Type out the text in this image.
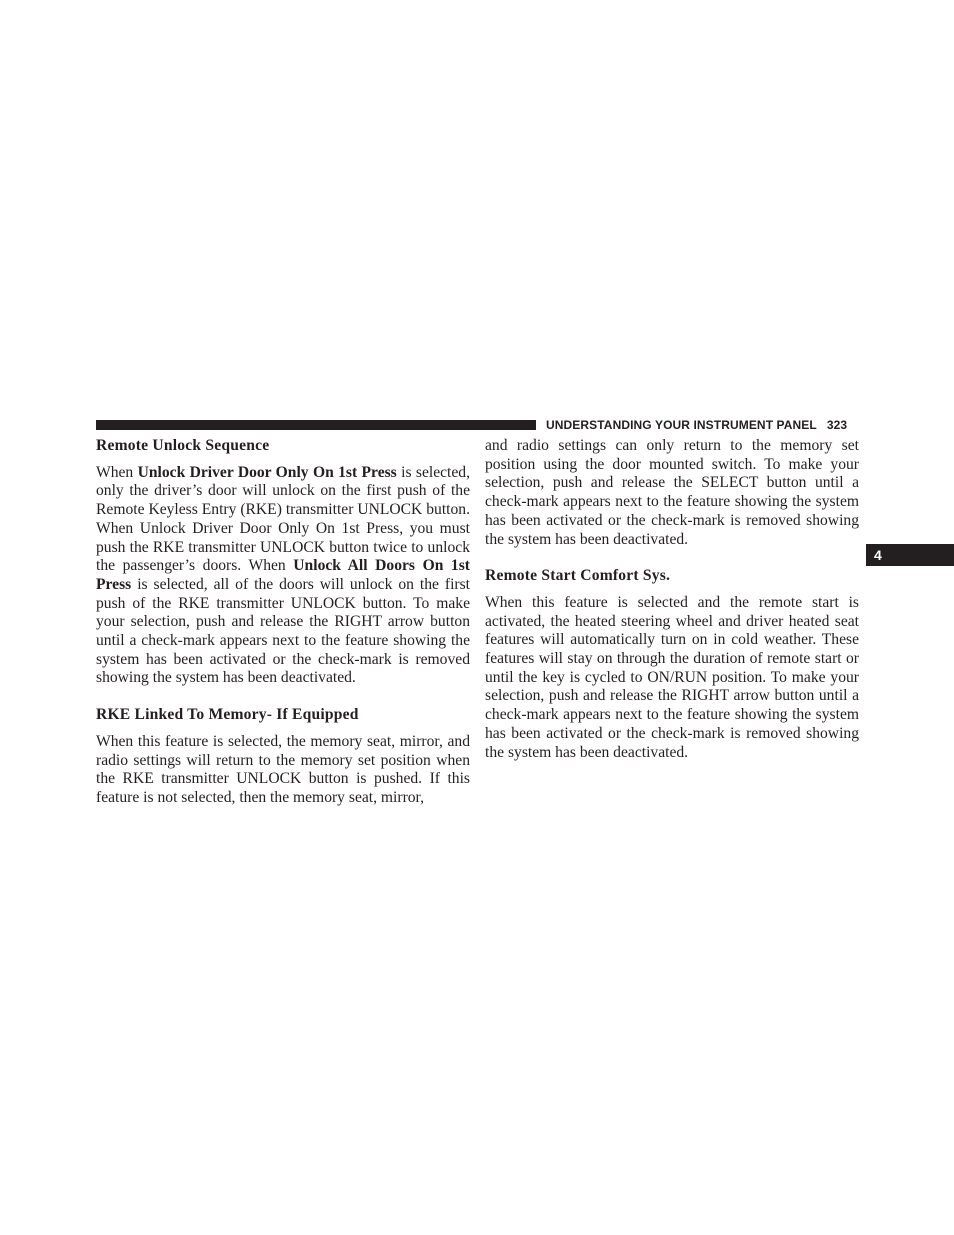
UNDERSTANDING YOUR INSTRUMENT PANEL 323
4
Remote Unlock Sequence

When Unlock Driver Door Only On 1st Press is selected, only the driver’s door will unlock on the first push of the Remote Keyless Entry (RKE) transmitter UNLOCK button. When Unlock Driver Door Only On 1st Press, you must push the RKE transmitter UNLOCK button twice to unlock the passenger’s doors. When Unlock All Doors On 1st Press is selected, all of the doors will unlock on the first push of the RKE transmitter UNLOCK button. To make your selection, push and release the RIGHT arrow button until a check-mark appears next to the feature showing the system has been activated or the check-mark is removed showing the system has been deactivated.

RKE Linked To Memory- If Equipped

When this feature is selected, the memory seat, mirror, and radio settings will return to the memory set position when the RKE transmitter UNLOCK button is pushed. If this feature is not selected, then the memory seat, mirror,

and radio settings can only return to the memory set position using the door mounted switch. To make your selection, push and release the SELECT button until a check-mark appears next to the feature showing the system has been activated or the check-mark is removed showing the system has been deactivated.

Remote Start Comfort Sys.

When this feature is selected and the remote start is activated, the heated steering wheel and driver heated seat features will automatically turn on in cold weather. These features will stay on through the duration of remote start or until the key is cycled to ON/RUN position. To make your selection, push and release the RIGHT arrow button until a check-mark appears next to the feature showing the system has been activated or the check-mark is removed showing the system has been deactivated.
